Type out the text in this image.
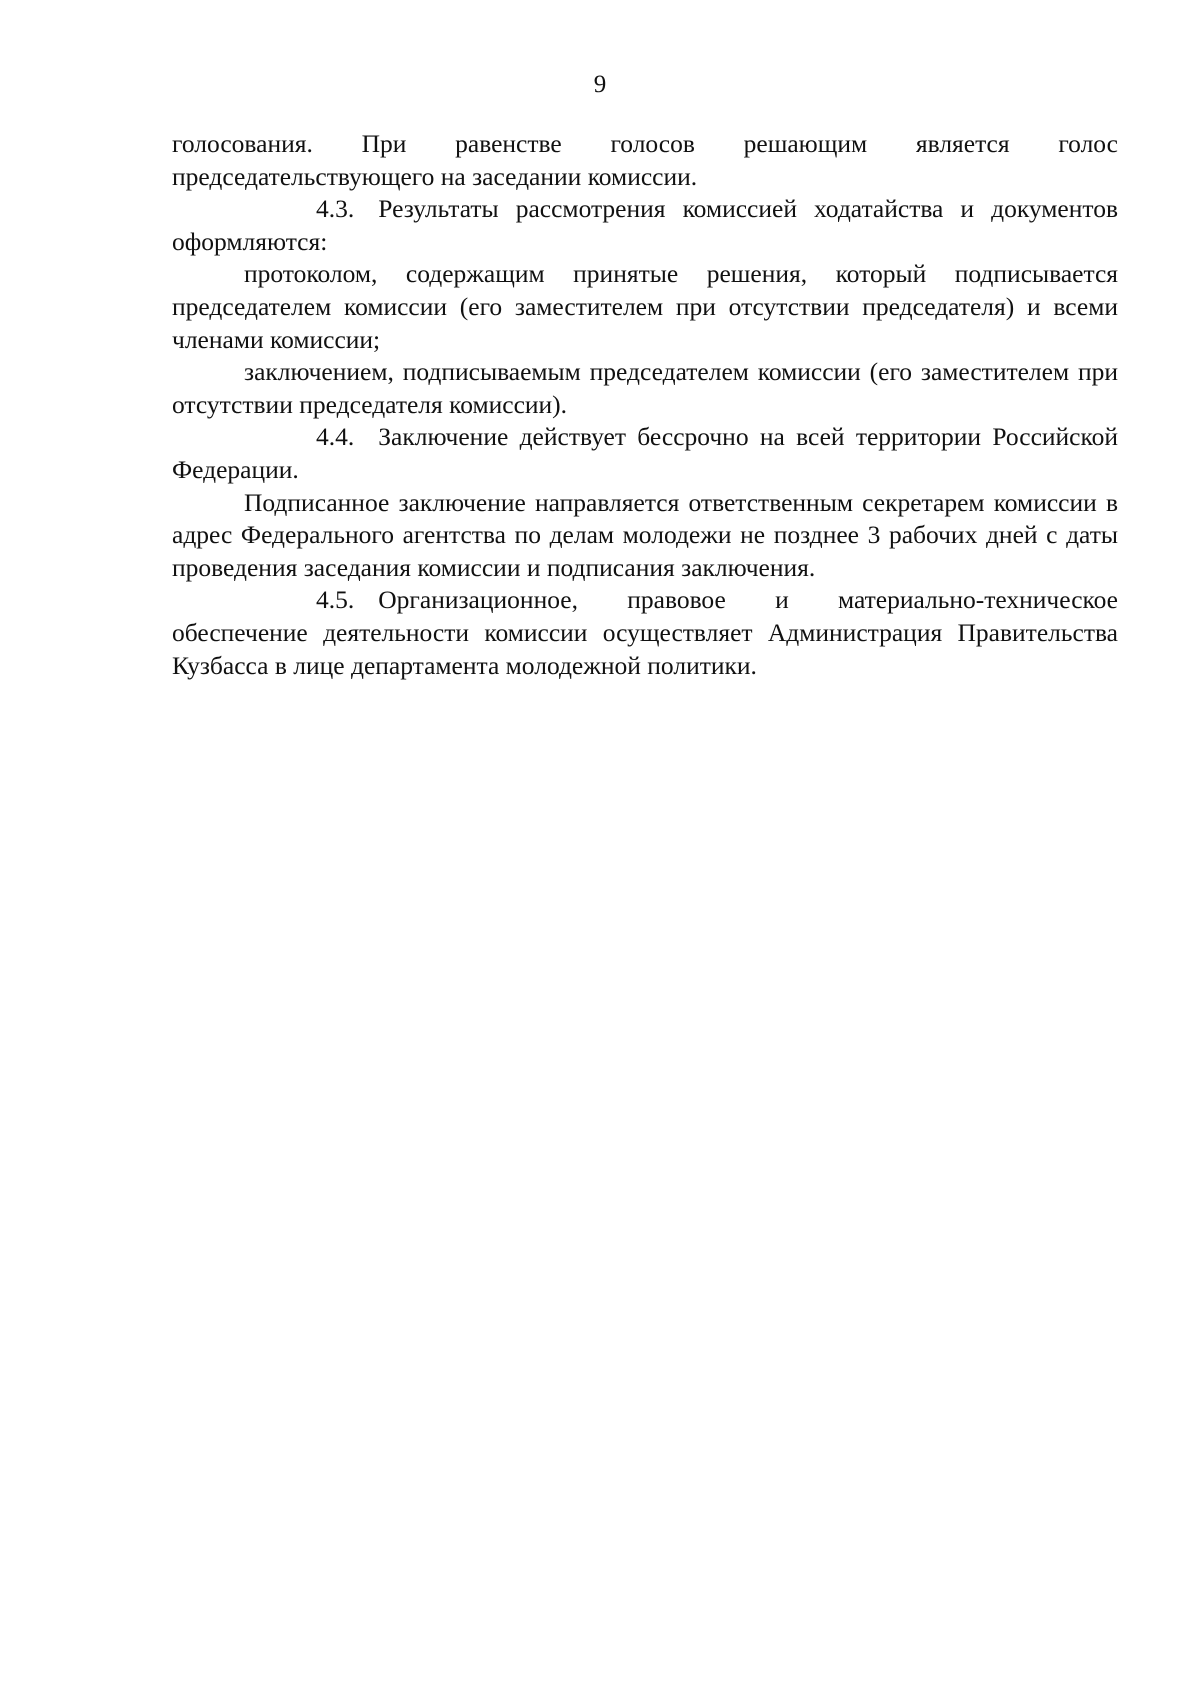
9

голосования. При равенстве голосов решающим является голос председательствующего на заседании комиссии.

4.3. Результаты рассмотрения комиссией ходатайства и документов оформляются:

протоколом, содержащим принятые решения, который подписывается председателем комиссии (его заместителем при отсутствии председателя) и всеми членами комиссии;

заключением, подписываемым председателем комиссии (его заместителем при отсутствии председателя комиссии).

4.4. Заключение действует бессрочно на всей территории Российской Федерации.

Подписанное заключение направляется ответственным секретарем комиссии в адрес Федерального агентства по делам молодежи не позднее 3 рабочих дней с даты проведения заседания комиссии и подписания заключения.

4.5. Организационное, правовое и материально-техническое обеспечение деятельности комиссии осуществляет Администрация Правительства Кузбасса в лице департамента молодежной политики.
